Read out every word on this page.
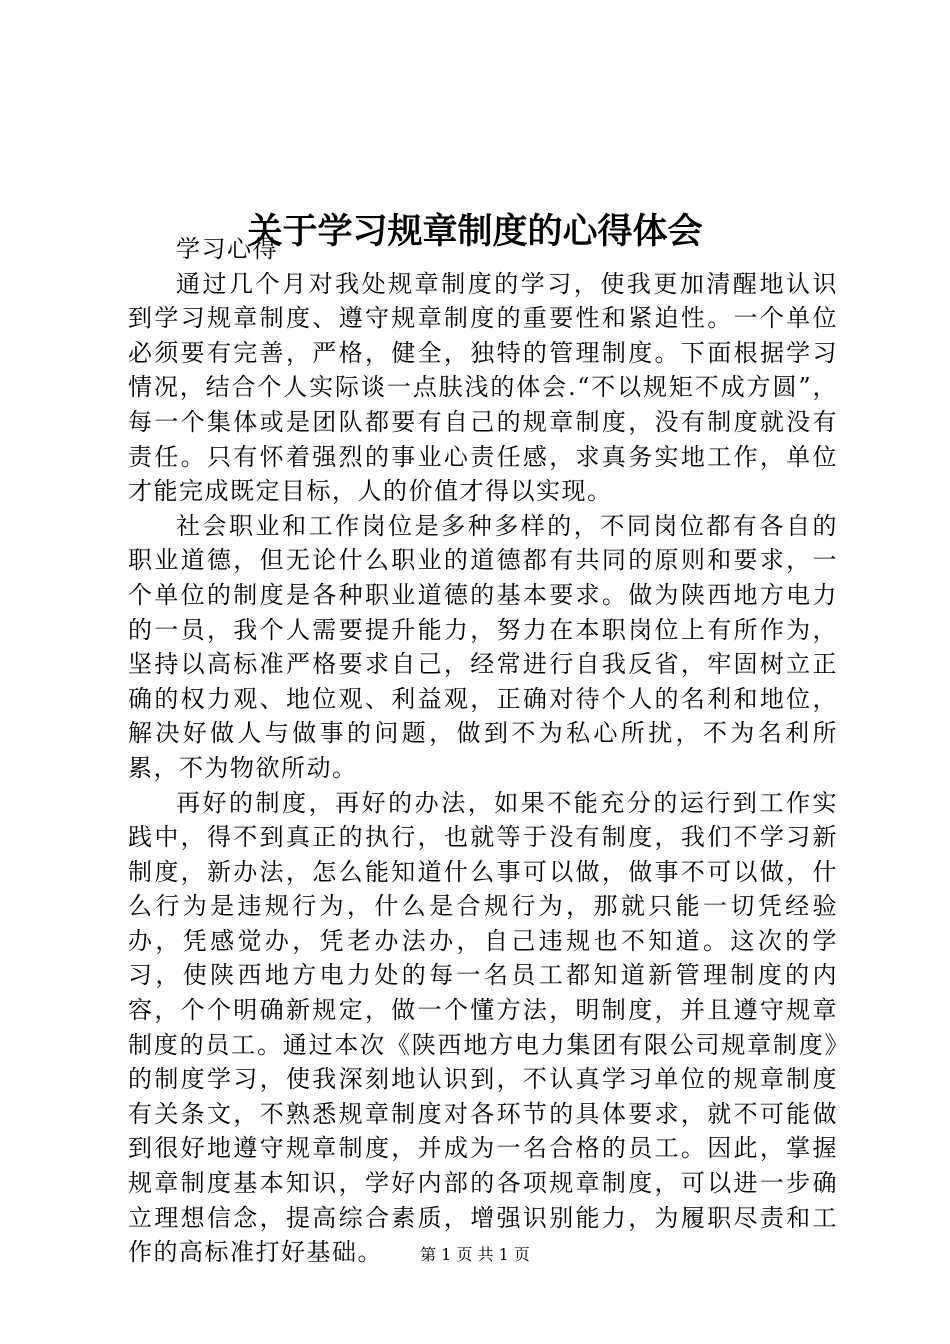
关于学习规章制度的心得体会

学习心得

通过几个月对我处规章制度的学习，使我更加清醒地认识到学习规章制度、遵守规章制度的重要性和紧迫性。一个单位必须要有完善，严格，健全，独特的管理制度。下面根据学习情况，结合个人实际谈一点肤浅的体会.“不以规矩不成方圆”，每一个集体或是团队都要有自己的规章制度，没有制度就没有责任。只有怀着强烈的事业心责任感，求真务实地工作，单位才能完成既定目标，人的价值才得以实现。

社会职业和工作岗位是多种多样的，不同岗位都有各自的职业道德，但无论什么职业的道德都有共同的原则和要求，一个单位的制度是各种职业道德的基本要求。做为陕西地方电力的一员，我个人需要提升能力，努力在本职岗位上有所作为，坚持以高标准严格要求自己，经常进行自我反省，牢固树立正确的权力观、地位观、利益观，正确对待个人的名利和地位，解决好做人与做事的问题，做到不为私心所扰，不为名利所累，不为物欲所动。

再好的制度，再好的办法，如果不能充分的运行到工作实践中，得不到真正的执行，也就等于没有制度，我们不学习新制度，新办法，怎么能知道什么事可以做，做事不可以做，什么行为是违规行为，什么是合规行为，那就只能一切凭经验办，凭感觉办，凭老办法办，自己违规也不知道。这次的学习，使陕西地方电力处的每一名员工都知道新管理制度的内容，个个明确新规定，做一个懂方法，明制度，并且遵守规章制度的员工。通过本次《陕西地方电力集团有限公司规章制度》的制度学习，使我深刻地认识到，不认真学习单位的规章制度有关条文，不熟悉规章制度对各环节的具体要求，就不可能做到很好地遵守规章制度，并成为一名合格的员工。因此，掌握规章制度基本知识，学好内部的各项规章制度，可以进一步确立理想信念，提高综合素质，增强识别能力，为履职尽责和工作的高标准打好基础。	第 1 页 共 1 页
